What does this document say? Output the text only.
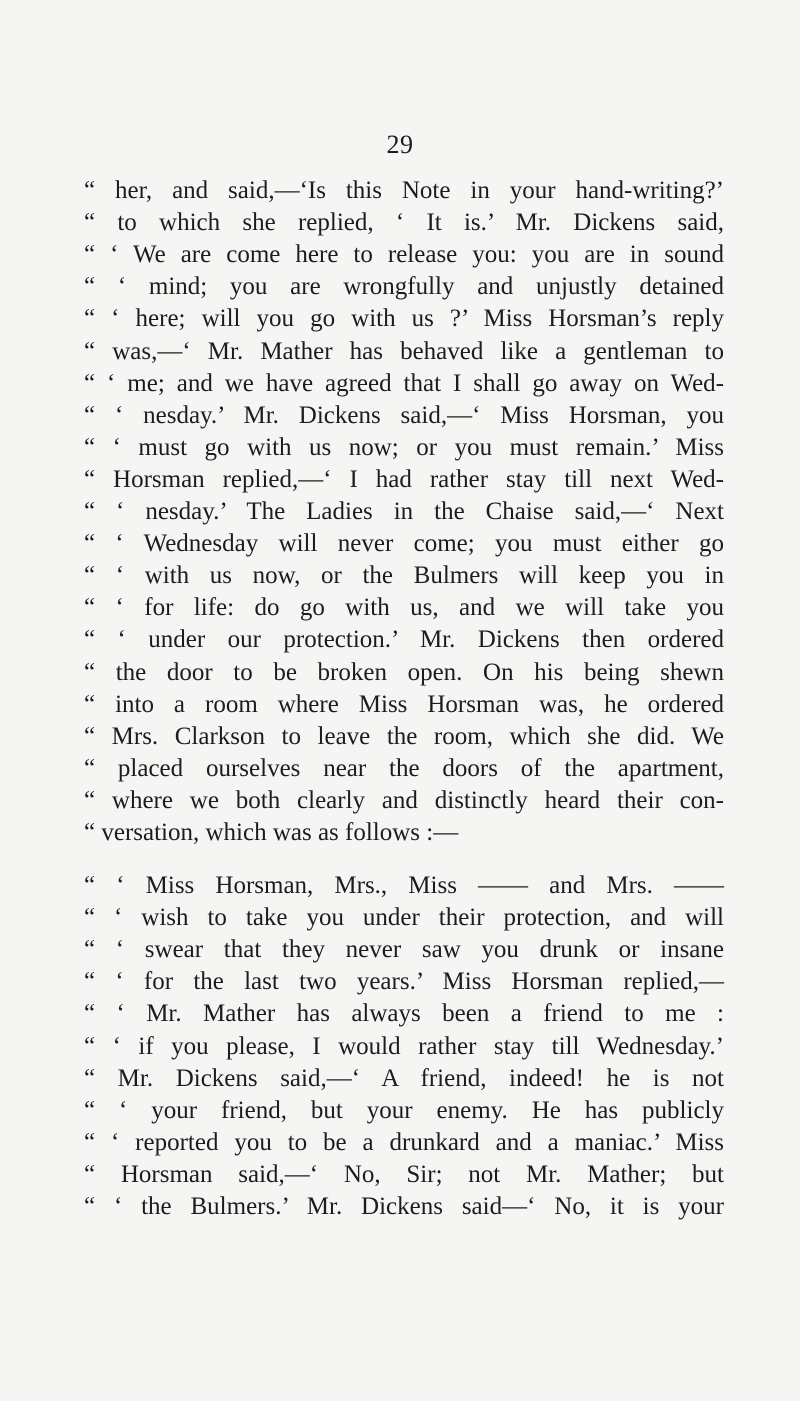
29
“ her, and said,—‘Is this Note in your hand-writing?’
“ to which she replied, ‘ It is.’ Mr. Dickens said,
“ ‘ We are come here to release you: you are in sound
“ ‘ mind; you are wrongfully and unjustly detained
“ ‘ here; will you go with us ?’ Miss Horsman’s reply
“ was,—‘ Mr. Mather has behaved like a gentleman to
“ ‘ me; and we have agreed that I shall go away on Wed-
“ ‘ nesday.’ Mr. Dickens said,—‘ Miss Horsman, you
“ ‘ must go with us now; or you must remain.’ Miss
“ Horsman replied,—‘ I had rather stay till next Wed-
“ ‘ nesday.’ The Ladies in the Chaise said,—‘ Next
“ ‘ Wednesday will never come; you must either go
“ ‘ with us now, or the Bulmers will keep you in
“ ‘ for life: do go with us, and we will take you
“ ‘ under our protection.’ Mr. Dickens then ordered
“ the door to be broken open. On his being shewn
“ into a room where Miss Horsman was, he ordered
“ Mrs. Clarkson to leave the room, which she did. We
“ placed ourselves near the doors of the apartment,
“ where we both clearly and distinctly heard their con-
“ versation, which was as follows :—
“ ‘ Miss Horsman, Mrs., Miss —— and Mrs. ——
“ ‘ wish to take you under their protection, and will
“ ‘ swear that they never saw you drunk or insane
“ ‘ for the last two years.’ Miss Horsman replied,—
“ ‘ Mr. Mather has always been a friend to me :
“ ‘ if you please, I would rather stay till Wednesday.’
“ Mr. Dickens said,—‘ A friend, indeed! he is not
“ ‘ your friend, but your enemy. He has publicly
“ ‘ reported you to be a drunkard and a maniac.’ Miss
“ Horsman said,—‘ No, Sir; not Mr. Mather; but
“ ‘ the Bulmers.’ Mr. Dickens said—‘ No, it is your
